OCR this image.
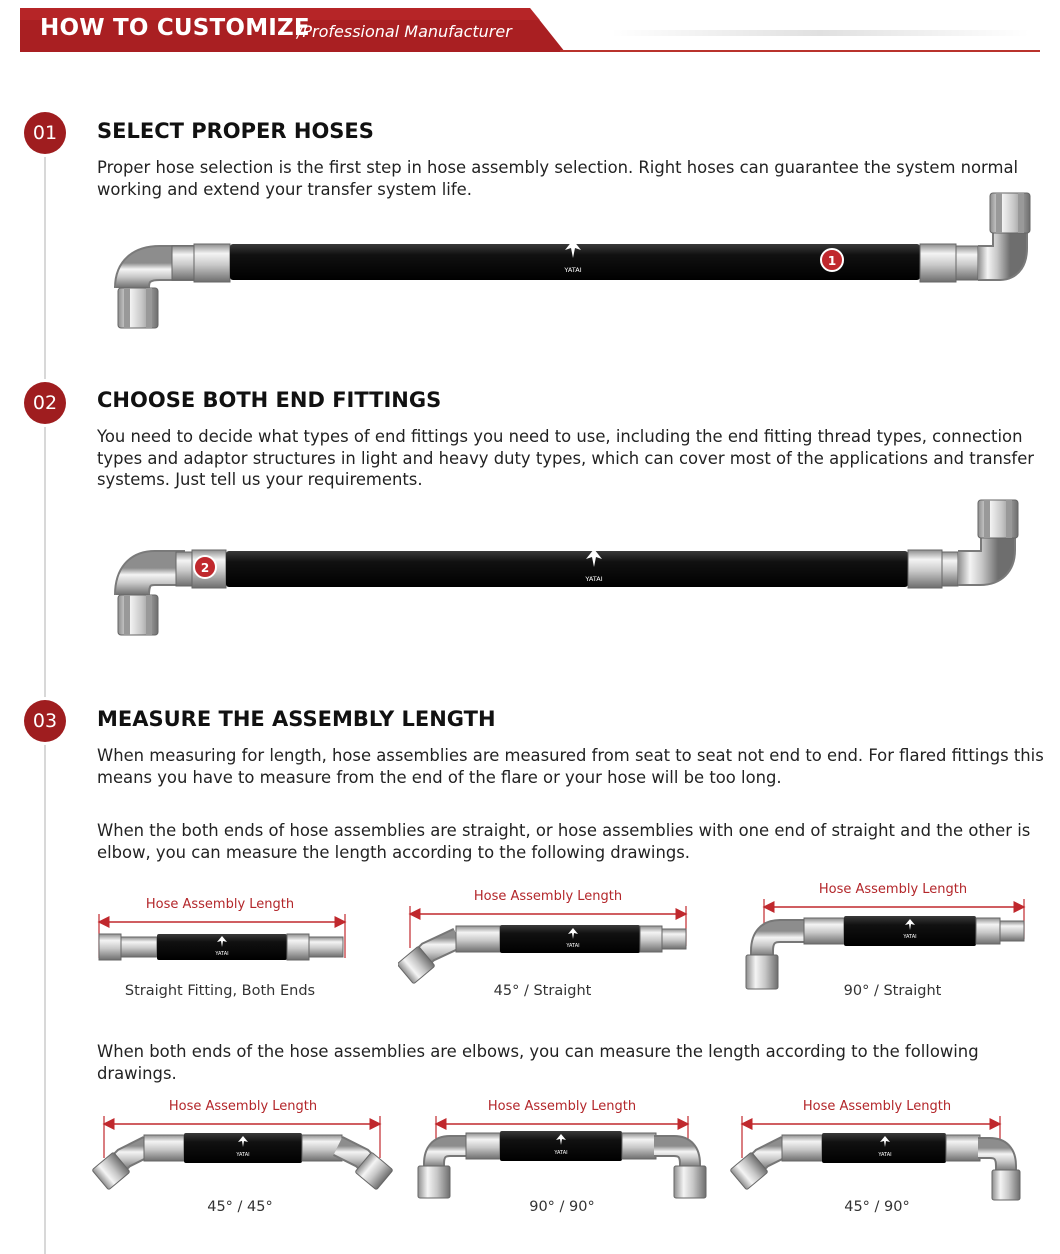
HOW TO CUSTOMIZE
/Professional Manufacturer
01	SELECT PROPER HOSES
Proper hose selection is the first step in hose assembly selection. Right hoses can guarantee the system normal working and extend your transfer system life.
YATAI
1
02	CHOOSE BOTH END FITTINGS
You need to decide what types of end fittings you need to use, including the end fitting thread types, connection types and adaptor structures in light and heavy duty types, which can cover most of the applications and transfer systems. Just tell us your requirements.
YATAI
2
03	MEASURE THE ASSEMBLY LENGTH
When measuring for length, hose assemblies are measured from seat to seat not end to end. For flared fittings this means you have to measure from the end of the flare or your hose will be too long.
When the both ends of hose assemblies are straight, or hose assemblies with one end of straight and the other is elbow, you can measure the length according to the following drawings.
Hose Assembly Length
YATAI
Straight Fitting, Both Ends
Hose Assembly Length
YATAI
45° / Straight
Hose Assembly Length
YATAI
90° / Straight
When both ends of the hose assemblies are elbows, you can measure the length according to the following drawings.
Hose Assembly Length
YATAI
45° / 45°
Hose Assembly Length
YATAI
90° / 90°
Hose Assembly Length
YATAI
45° / 90°
